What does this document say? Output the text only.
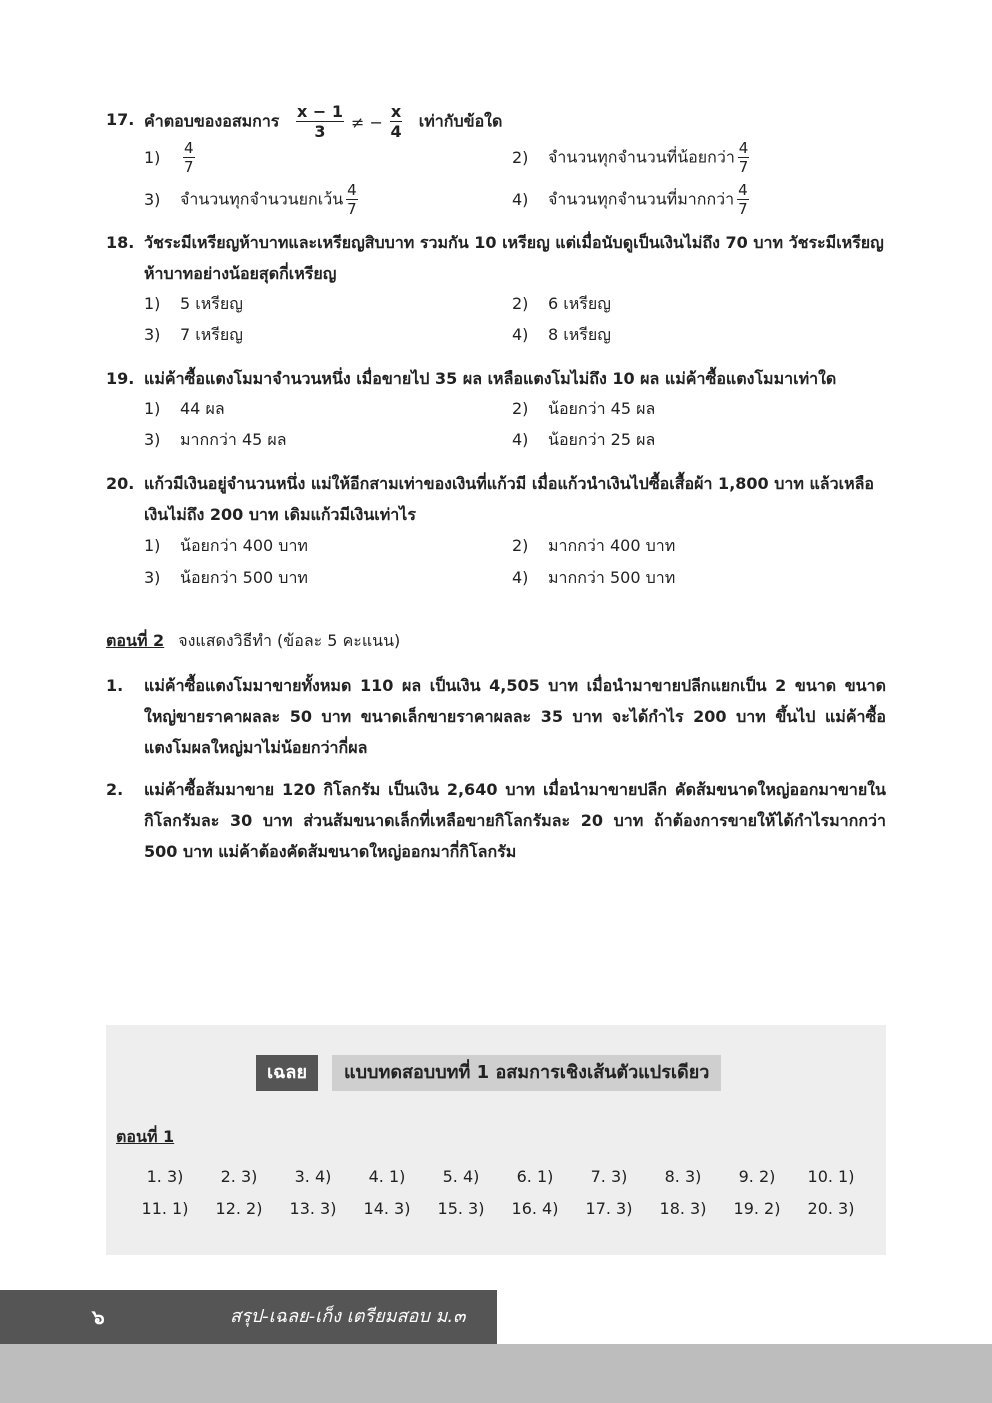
17. คำตอบของอสมการ $\frac{x - 1}{3}$ ≠ − $\frac{x}{4}$ เท่ากับข้อใด
$1) \frac{4}{7}$	2) จำนวนทุกจำนวนที่น้อยกว่า $\frac{4}{7}$
3) จำนวนทุกจำนวนยกเว้น $\frac{4}{7}$	4) จำนวนทุกจำนวนที่มากกว่า $\frac{4}{7}$
18. วัชระมีเหรียญห้าบาทและเหรียญสิบบาท รวมกัน 10 เหรียญ แต่เมื่อนับดูเป็นเงินไม่ถึง 70 บาท วัชระมีเหรียญห้าบาทอย่างน้อยสุดกี่เหรียญ
1) 5 เหรียญ	2) 6 เหรียญ
3) 7 เหรียญ	4) 8 เหรียญ
19. แม่ค้าซื้อแตงโมมาจำนวนหนึ่ง เมื่อขายไป 35 ผล เหลือแตงโมไม่ถึง 10 ผล แม่ค้าซื้อแตงโมมาเท่าใด
1) 44 ผล	2) น้อยกว่า 45 ผล
3) มากกว่า 45 ผล	4) น้อยกว่า 25 ผล
20. แก้วมีเงินอยู่จำนวนหนึ่ง แม่ให้อีกสามเท่าของเงินที่แก้วมี เมื่อแก้วนำเงินไปซื้อเสื้อผ้า 1,800 บาท แล้วเหลือเงินไม่ถึง 200 บาท เดิมแก้วมีเงินเท่าไร
1) น้อยกว่า 400 บาท	2) มากกว่า 400 บาท
3) น้อยกว่า 500 บาท	4) มากกว่า 500 บาท
ตอนที่ 2 จงแสดงวิธีทำ (ข้อละ 5 คะแนน)
1. แม่ค้าซื้อแตงโมมาขายทั้งหมด 110 ผล เป็นเงิน 4,505 บาท เมื่อนำมาขายปลีกแยกเป็น 2 ขนาด ขนาดใหญ่ขายราคาผลละ 50 บาท ขนาดเล็กขายราคาผลละ 35 บาท จะได้กำไร 200 บาท ขึ้นไป แม่ค้าซื้อแตงโมผลใหญ่มาไม่น้อยกว่ากี่ผล
2. แม่ค้าซื้อส้มมาขาย 120 กิโลกรัม เป็นเงิน 2,640 บาท เมื่อนำมาขายปลีก คัดส้มขนาดใหญ่ออกมาขายในกิโลกรัมละ 30 บาท ส่วนส้มขนาดเล็กที่เหลือขายกิโลกรัมละ 20 บาท ถ้าต้องการขายให้ได้กำไรมากกว่า 500 บาท แม่ค้าต้องคัดส้มขนาดใหญ่ออกมากี่กิโลกรัม
เฉลย	แบบทดสอบบทที่ 1 อสมการเชิงเส้นตัวแปรเดียว
ตอนที่ 1
1. 3)	2. 3)	3. 4)	4. 1)	5. 4)	6. 1)	7. 3)	8. 3)	9. 2)	10. 1)
11. 1)	12. 2)	13. 3)	14. 3)	15. 3)	16. 4)	17. 3)	18. 3)	19. 2)	20. 3)
๖	สรุป-เฉลย-เก็ง เตรียมสอบ ม.๓
